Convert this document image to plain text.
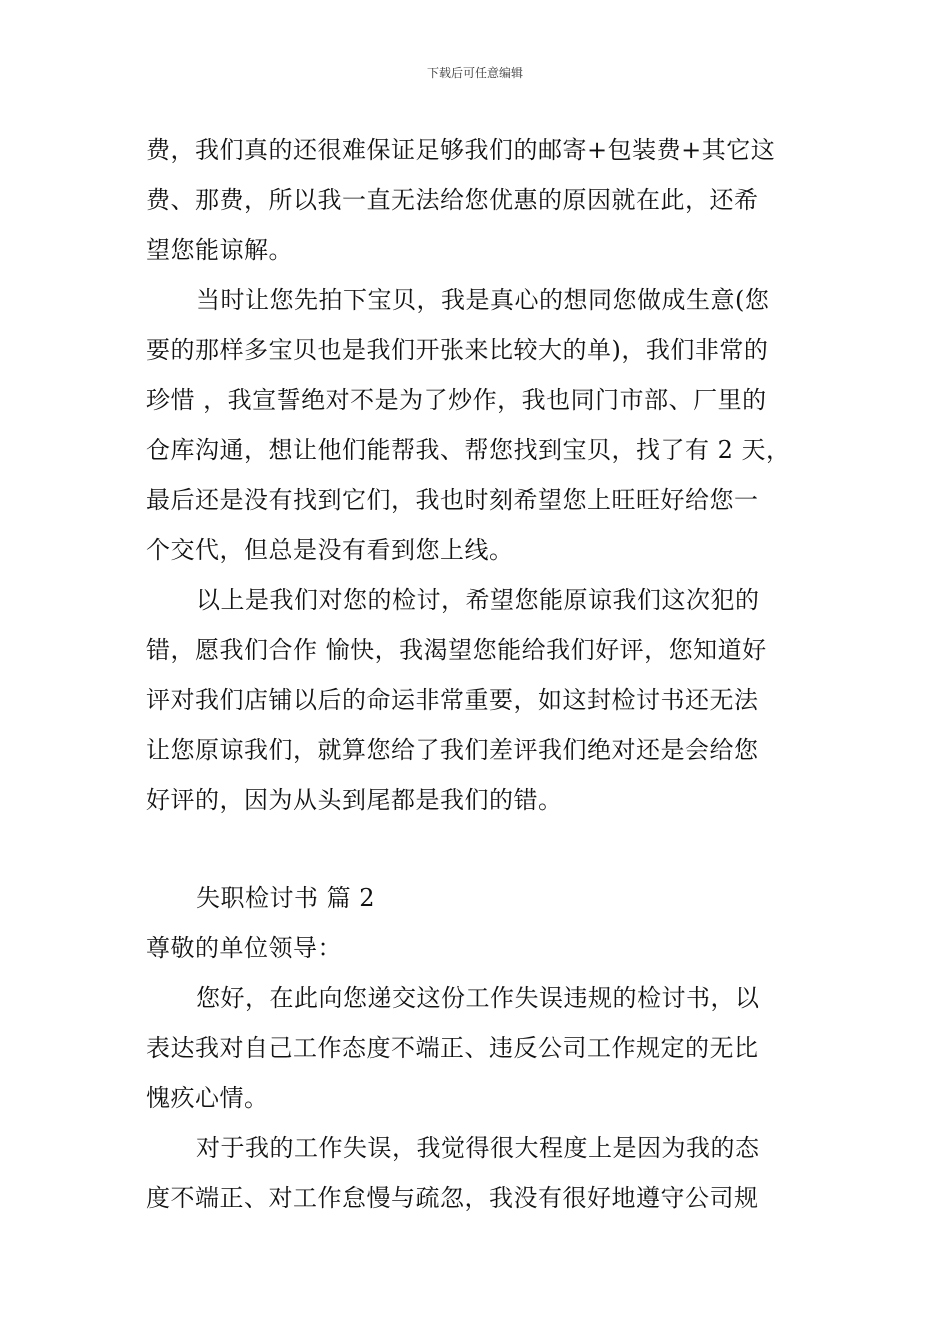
下载后可任意编辑
费，我们真的还很难保证足够我们的邮寄+包装费+其它这
费、那费，所以我一直无法给您优惠的原因就在此，还希
望您能谅解。
当时让您先拍下宝贝，我是真心的想同您做成生意(您
要的那样多宝贝也是我们开张来比较大的单)，我们非常的
珍惜 ，我宣誓绝对不是为了炒作，我也同门市部、厂里的
仓库沟通，想让他们能帮我、帮您找到宝贝，找了有 2 天，
最后还是没有找到它们，我也时刻希望您上旺旺好给您一
个交代，但总是没有看到您上线。
以上是我们对您的检讨，希望您能原谅我们这次犯的
错，愿我们合作 愉快，我渴望您能给我们好评，您知道好
评对我们店铺以后的命运非常重要，如这封检讨书还无法
让您原谅我们，就算您给了我们差评我们绝对还是会给您
好评的，因为从头到尾都是我们的错。
失职检讨书 篇 2
尊敬的单位领导：
您好，在此向您递交这份工作失误违规的检讨书，以
表达我对自己工作态度不端正、违反公司工作规定的无比
愧疚心情。
对于我的工作失误，我觉得很大程度上是因为我的态
度不端正、对工作怠慢与疏忽，我没有很好地遵守公司规
